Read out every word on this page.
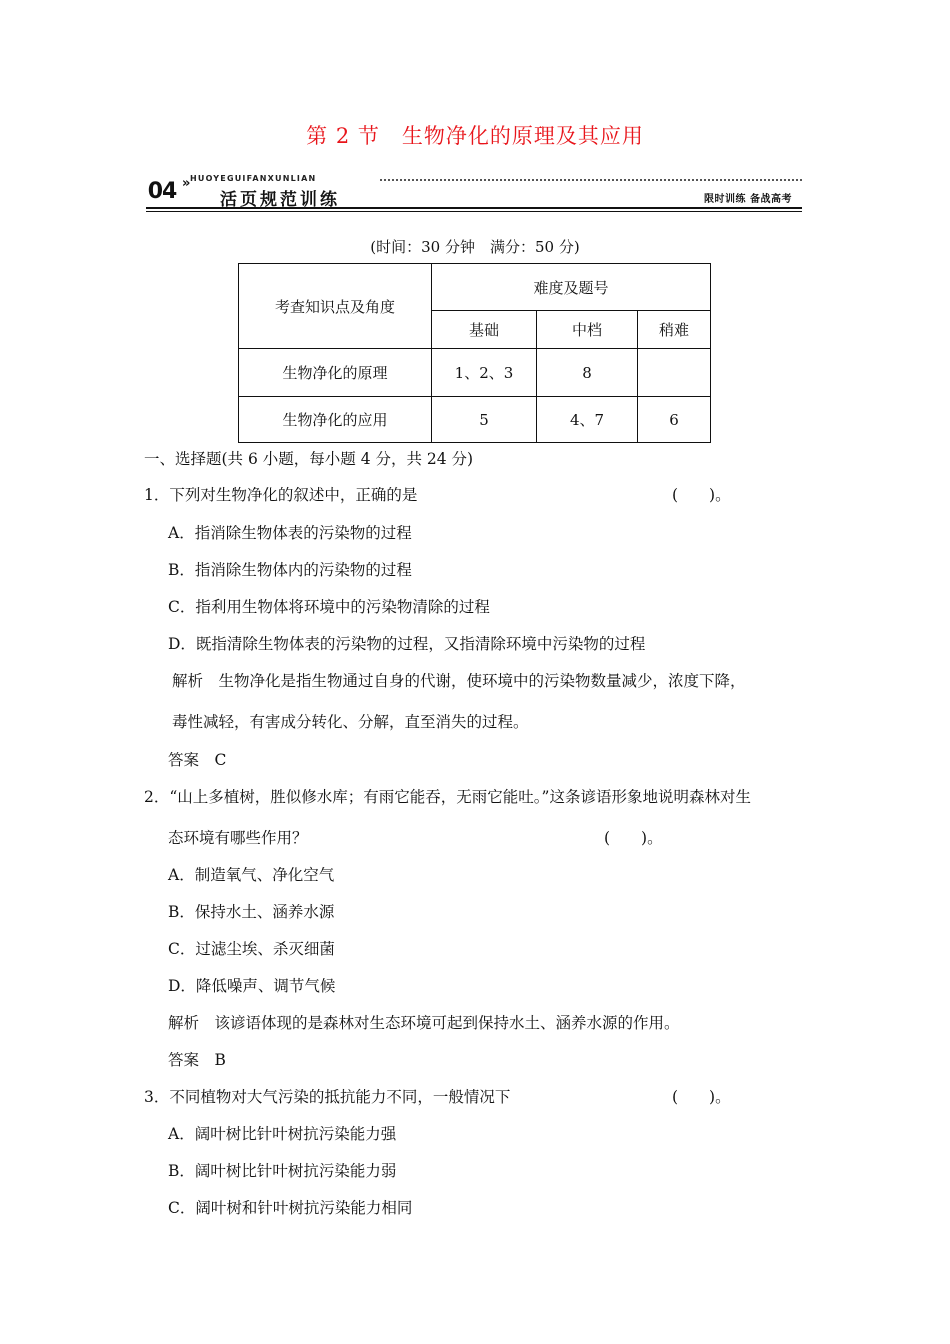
第 2 节　生物净化的原理及其应用
04 » HUOYEGUIFANXUNLIAN
活页规范训练	限时训练 备战高考
(时间：30 分钟　满分：50 分)
考查知识点及角度	难度及题号		
	基础	中档	稍难
生物净化的原理	1、2、3	8	
生物净化的应用	5	4、7	6
一、选择题(共 6 小题，每小题 4 分，共 24 分)
1．下列对生物净化的叙述中，正确的是	(　　)。
A．指消除生物体表的污染物的过程
B．指消除生物体内的污染物的过程
C．指利用生物体将环境中的污染物清除的过程
D．既指清除生物体表的污染物的过程，又指清除环境中污染物的过程
解析　生物净化是指生物通过自身的代谢，使环境中的污染物数量减少，浓度下降，
毒性减轻，有害成分转化、分解，直至消失的过程。
答案　C
2．“山上多植树，胜似修水库；有雨它能吞，无雨它能吐。”这条谚语形象地说明森林对生
态环境有哪些作用？	(　　)。
A．制造氧气、净化空气
B．保持水土、涵养水源
C．过滤尘埃、杀灭细菌
D．降低噪声、调节气候
解析　该谚语体现的是森林对生态环境可起到保持水土、涵养水源的作用。
答案　B
3．不同植物对大气污染的抵抗能力不同，一般情况下	(　　)。
A．阔叶树比针叶树抗污染能力强
B．阔叶树比针叶树抗污染能力弱
C．阔叶树和针叶树抗污染能力相同
